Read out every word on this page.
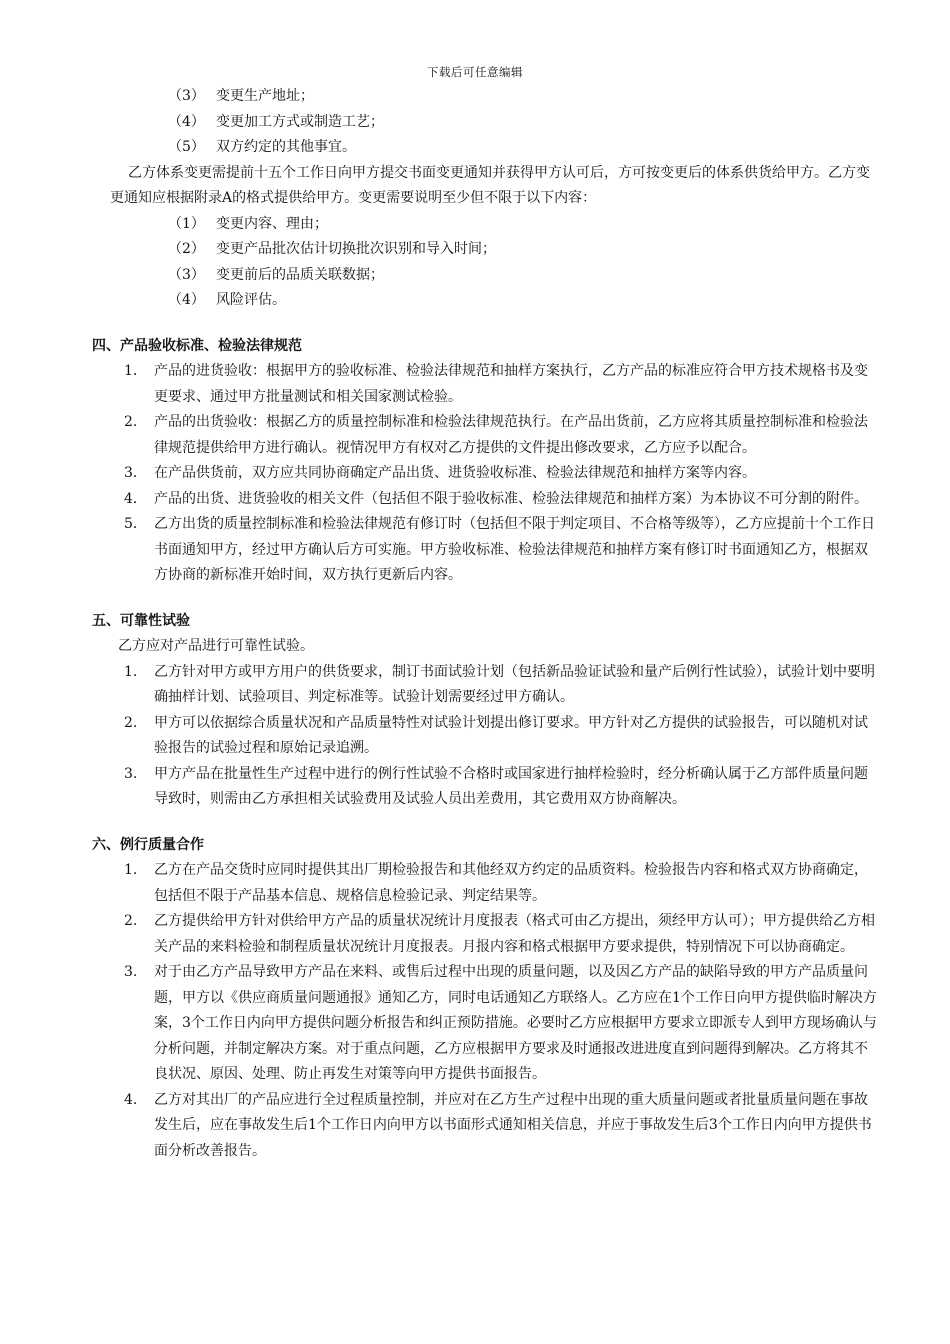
下载后可任意编辑
（3） 变更生产地址；
（4） 变更加工方式或制造工艺；
（5） 双方约定的其他事宜。
乙方体系变更需提前十五个工作日向甲方提交书面变更通知并获得甲方认可后，方可按变更后的体系供货给甲方。乙方变更通知应根据附录A的格式提供给甲方。变更需要说明至少但不限于以下内容：
（1） 变更内容、理由；
（2） 变更产品批次估计切换批次识别和导入时间；
（3） 变更前后的品质关联数据；
（4） 风险评估。
四、产品验收标准、检验法律规范
1． 产品的进货验收：根据甲方的验收标准、检验法律规范和抽样方案执行，乙方产品的标准应符合甲方技术规格书及变更要求、通过甲方批量测试和相关国家测试检验。
2． 产品的出货验收：根据乙方的质量控制标准和检验法律规范执行。在产品出货前，乙方应将其质量控制标准和检验法律规范提供给甲方进行确认。视情况甲方有权对乙方提供的文件提出修改要求，乙方应予以配合。
3． 在产品供货前，双方应共同协商确定产品出货、进货验收标准、检验法律规范和抽样方案等内容。
4． 产品的出货、进货验收的相关文件（包括但不限于验收标准、检验法律规范和抽样方案）为本协议不可分割的附件。
5． 乙方出货的质量控制标准和检验法律规范有修订时（包括但不限于判定项目、不合格等级等），乙方应提前十个工作日书面通知甲方，经过甲方确认后方可实施。甲方验收标准、检验法律规范和抽样方案有修订时书面通知乙方，根据双方协商的新标准开始时间，双方执行更新后内容。
五、可靠性试验
乙方应对产品进行可靠性试验。
1. 乙方针对甲方或甲方用户的供货要求，制订书面试验计划（包括新品验证试验和量产后例行性试验），试验计划中要明确抽样计划、试验项目、判定标准等。试验计划需要经过甲方确认。
2. 甲方可以依据综合质量状况和产品质量特性对试验计划提出修订要求。甲方针对乙方提供的试验报告，可以随机对试验报告的试验过程和原始记录追溯。
3. 甲方产品在批量性生产过程中进行的例行性试验不合格时或国家进行抽样检验时，经分析确认属于乙方部件质量问题导致时，则需由乙方承担相关试验费用及试验人员出差费用，其它费用双方协商解决。
六、例行质量合作
1. 乙方在产品交货时应同时提供其出厂期检验报告和其他经双方约定的品质资料。检验报告内容和格式双方协商确定，包括但不限于产品基本信息、规格信息检验记录、判定结果等。
2. 乙方提供给甲方针对供给甲方产品的质量状况统计月度报表（格式可由乙方提出，须经甲方认可）；甲方提供给乙方相关产品的来料检验和制程质量状况统计月度报表。月报内容和格式根据甲方要求提供，特别情况下可以协商确定。
3. 对于由乙方产品导致甲方产品在来料、或售后过程中出现的质量问题，以及因乙方产品的缺陷导致的甲方产品质量问题，甲方以《供应商质量问题通报》通知乙方，同时电话通知乙方联络人。乙方应在1个工作日向甲方提供临时解决方案，3个工作日内向甲方提供问题分析报告和纠正预防措施。必要时乙方应根据甲方要求立即派专人到甲方现场确认与分析问题，并制定解决方案。对于重点问题，乙方应根据甲方要求及时通报改进进度直到问题得到解决。乙方将其不良状况、原因、处理、防止再发生对策等向甲方提供书面报告。
4. 乙方对其出厂的产品应进行全过程质量控制，并应对在乙方生产过程中出现的重大质量问题或者批量质量问题在事故发生后，应在事故发生后1个工作日内向甲方以书面形式通知相关信息，并应于事故发生后3个工作日内向甲方提供书面分析改善报告。
